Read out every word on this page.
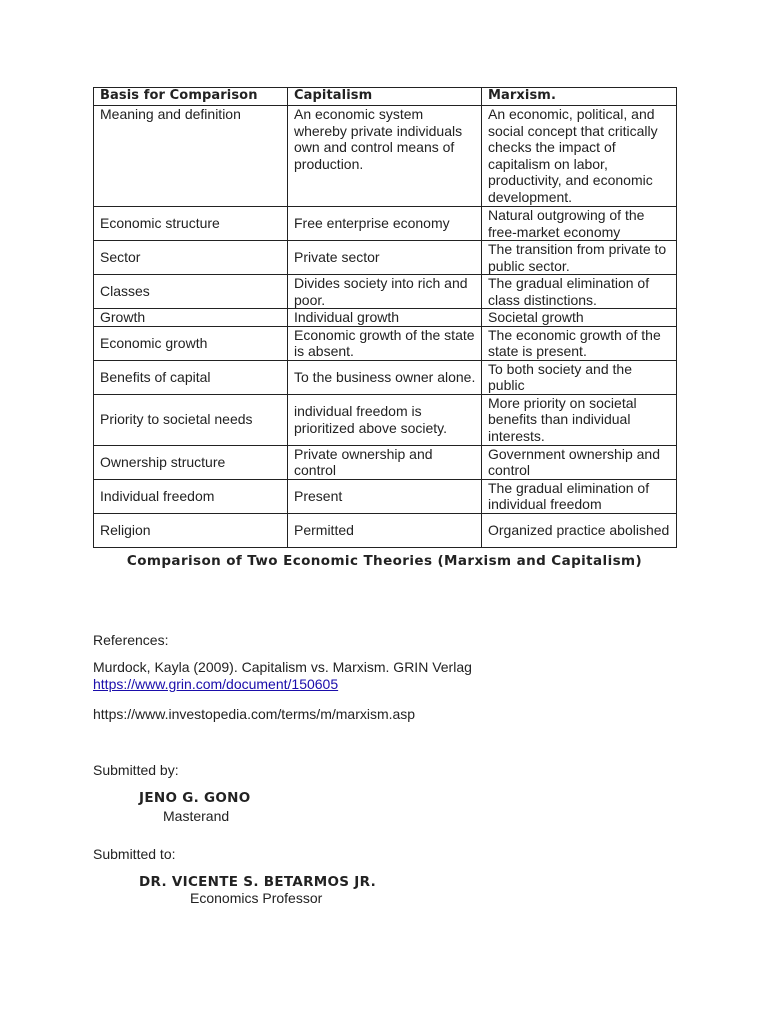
Basis for Comparison	Capitalism	Marxism.
Meaning and definition	An economic system whereby private individuals own and control means of production.	An economic, political, and social concept that critically checks the impact of capitalism on labor, productivity, and economic development.
Economic structure	Free enterprise economy	Natural outgrowing of the free-market economy
Sector	Private sector	The transition from private to public sector.
Classes	Divides society into rich and poor.	The gradual elimination of class distinctions.
Growth	Individual growth	Societal growth
Economic growth	Economic growth of the state is absent.	The economic growth of the state is present.
Benefits of capital	To the business owner alone.	To both society and the public
Priority to societal needs	individual freedom is prioritized above society.	More priority on societal benefits than individual interests.
Ownership structure	Private ownership and control	Government ownership and control
Individual freedom	Present	The gradual elimination of individual freedom
Religion	Permitted	Organized practice abolished
Comparison of Two Economic Theories (Marxism and Capitalism)
References:
Murdock, Kayla (2009). Capitalism vs. Marxism. GRIN Verlag
https://www.grin.com/document/150605
https://www.investopedia.com/terms/m/marxism.asp
Submitted by:
JENO G. GONO
Masterand
Submitted to:
DR. VICENTE S. BETARMOS JR.
Economics Professor
